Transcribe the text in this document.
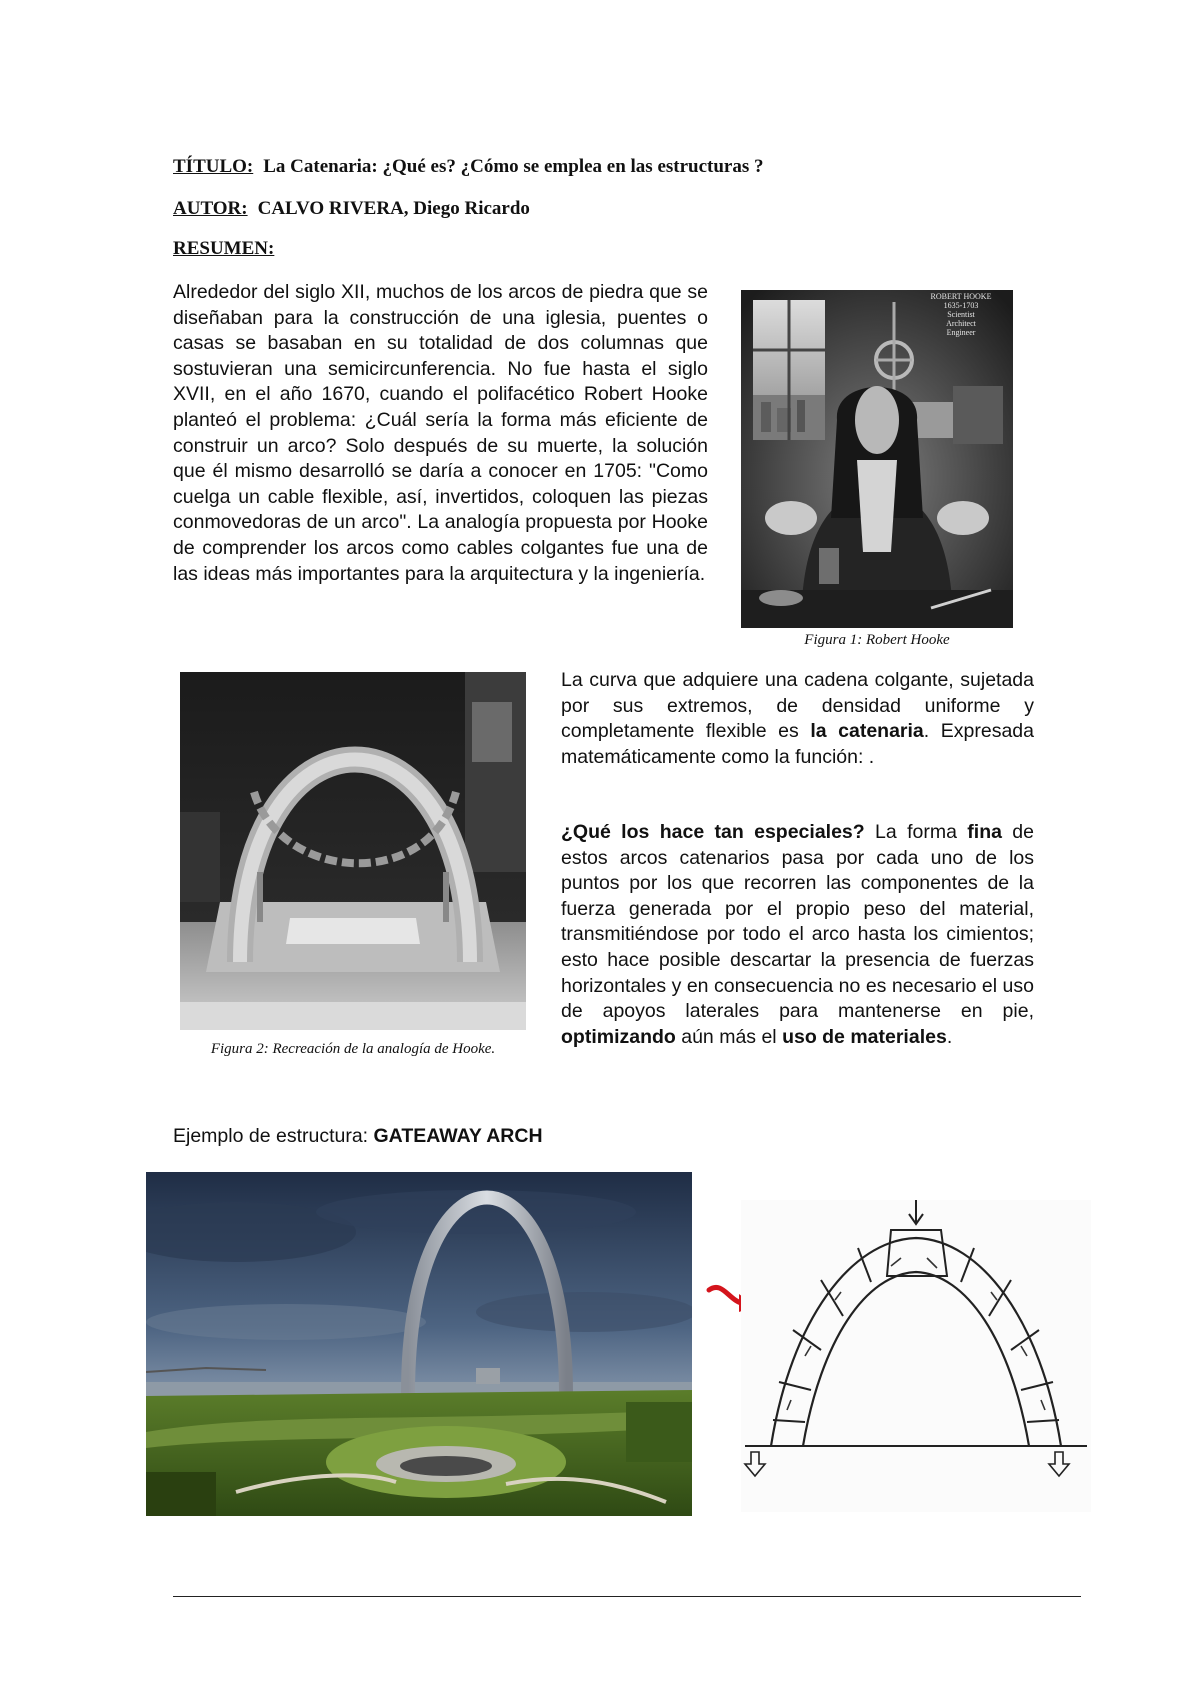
TÍTULO: La Catenaria: ¿Qué es? ¿Cómo se emplea en las estructuras ?
AUTOR: CALVO RIVERA, Diego Ricardo
RESUMEN:

Alrededor del siglo XII, muchos de los arcos de piedra que se diseñaban para la construcción de una iglesia, puentes o casas se basaban en su totalidad de dos columnas que sostuvieran una semicircunferencia. No fue hasta el siglo XVII, en el año 1670, cuando el polifacético Robert Hooke planteó el problema: ¿Cuál sería la forma más eficiente de construir un arco? Solo después de su muerte, la solución que él mismo desarrolló se daría a conocer en 1705: "Como cuelga un cable flexible, así, invertidos, coloquen las piezas conmovedoras de un arco". La analogía propuesta por Hooke de comprender los arcos como cables colgantes fue una de las ideas más importantes para la arquitectura y la ingeniería.

ROBERT HOOKE
1635-1703
Scientist
Architect
Engineer
Figura 1: Robert Hooke
Figura 2: Recreación de la analogía de Hooke.

La curva que adquiere una cadena colgante, sujetada por sus extremos, de densidad uniforme y completamente flexible es la catenaria. Expresada matemáticamente como la función: .

¿Qué los hace tan especiales? La forma fina de estos arcos catenarios pasa por cada uno de los puntos por los que recorren las componentes de la fuerza generada por el propio peso del material, transmitiéndose por todo el arco hasta los cimientos; esto hace posible descartar la presencia de fuerzas horizontales y en consecuencia no es necesario el uso de apoyos laterales para mantenerse en pie, optimizando aún más el uso de materiales.

Ejemplo de estructura: GATEAWAY ARCH
